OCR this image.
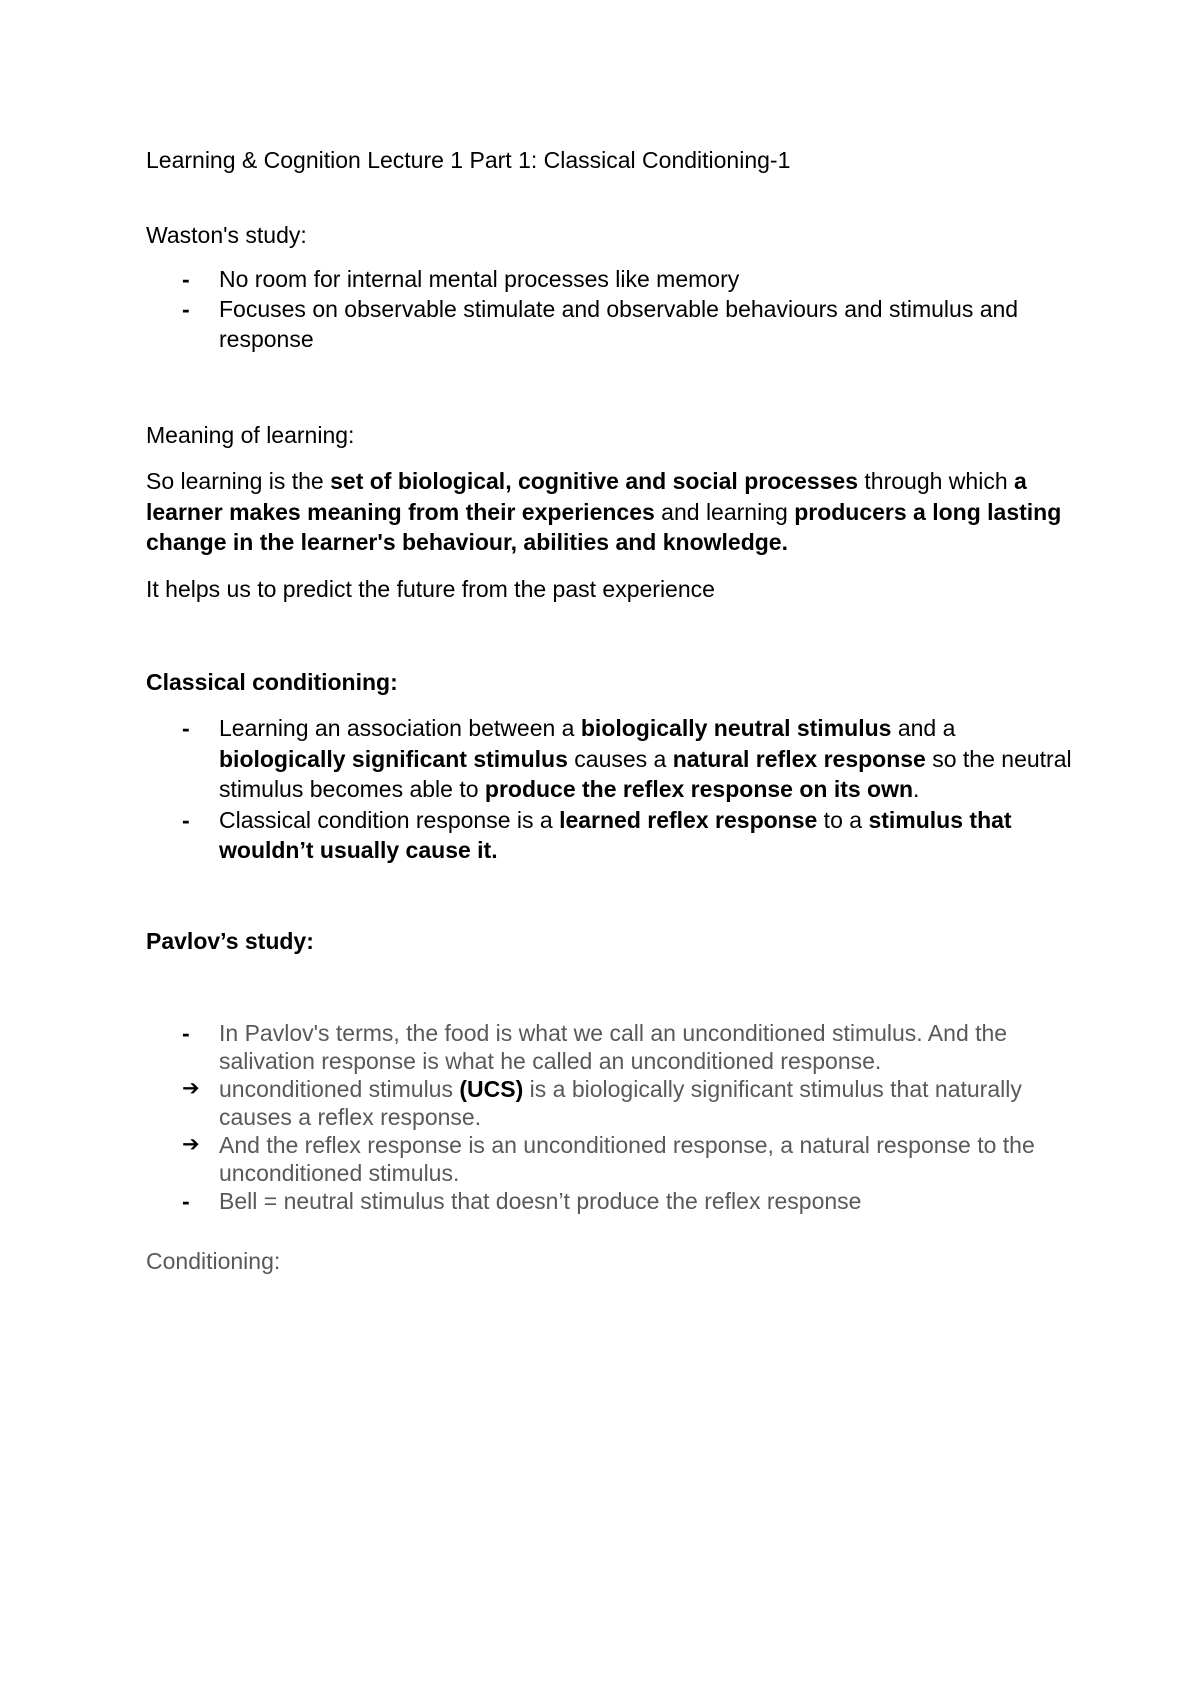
Learning & Cognition Lecture 1 Part 1: Classical Conditioning-1
Waston's study:
- No room for internal mental processes like memory
- Focuses on observable stimulate and observable behaviours and stimulus and response
Meaning of learning:
So learning is the set of biological, cognitive and social processes through which a learner makes meaning from their experiences and learning producers a long lasting change in the learner's behaviour, abilities and knowledge.
It helps us to predict the future from the past experience
Classical conditioning:
- Learning an association between a biologically neutral stimulus and a biologically significant stimulus causes a natural reflex response so the neutral stimulus becomes able to produce the reflex response on its own.
- Classical condition response is a learned reflex response to a stimulus that wouldn’t usually cause it.
Pavlov’s study:
- In Pavlov's terms, the food is what we call an unconditioned stimulus. And the salivation response is what he called an unconditioned response.
➔ unconditioned stimulus (UCS) is a biologically significant stimulus that naturally causes a reflex response.
➔ And the reflex response is an unconditioned response, a natural response to the unconditioned stimulus.
- Bell = neutral stimulus that doesn’t produce the reflex response
Conditioning:
